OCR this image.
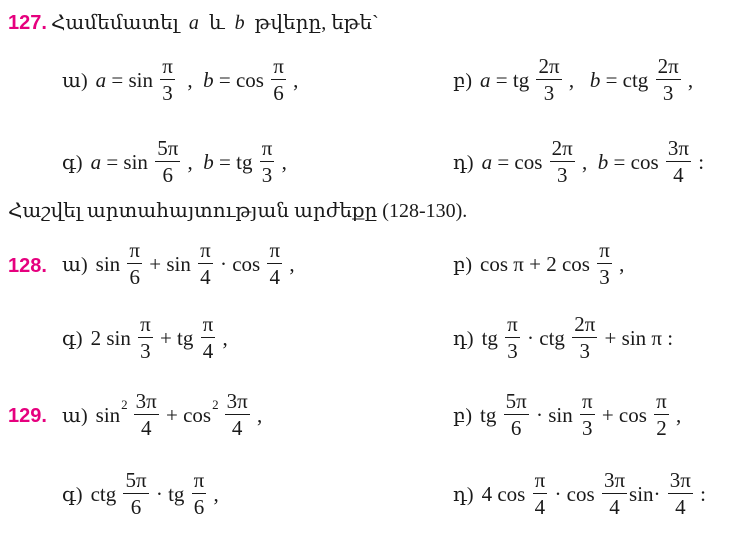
127. Համեմատել a և b թվերը, եթե`
ա) $a = \sin \frac{\pi}{3}$ , $b = \cos \frac{\pi}{6}$ ,	բ) a = tg $\frac{2\pi}{3}$ , b = ctg $\frac{2\pi}{3}$ ,
գ) $a = \sin \frac{5\pi}{6}$ , b = tg $\frac{\pi}{3}$ ,	դ) $a = \cos \frac{2\pi}{3}$ , $b = \cos \frac{3\pi}{4}$ :
Հաշվել արտահայտության արժեքը (128-130).
128. ա) $\sin \frac{\pi}{6} + \sin \frac{\pi}{4} \cdot \cos \frac{\pi}{4}$ ,	բ) cos π + 2 $\cos \frac{\pi}{3}$ ,
գ) 2 $\sin \frac{\pi}{3}$ + tg $\frac{\pi}{4}$ ,	դ) tg $\frac{\pi}{3}$ · ctg $\frac{2\pi}{3} + \sin \pi$ :
129. ա) $\sin 2 \frac{3\pi}{4} + \cos 2 \frac{3\pi}{4}$ ,	բ) tg $\frac{5\pi}{6} \cdot \sin \frac{\pi}{3} + \cos \frac{\pi}{2}$ ,
գ) ctg $\frac{5\pi}{6}$ · tg $\frac{\pi}{6}$ ,	դ) 4 $\cos \frac{\pi}{4} \cdot \cos \frac{3\pi}{4} \sin\cdot \frac{3\pi}{4}$ :
